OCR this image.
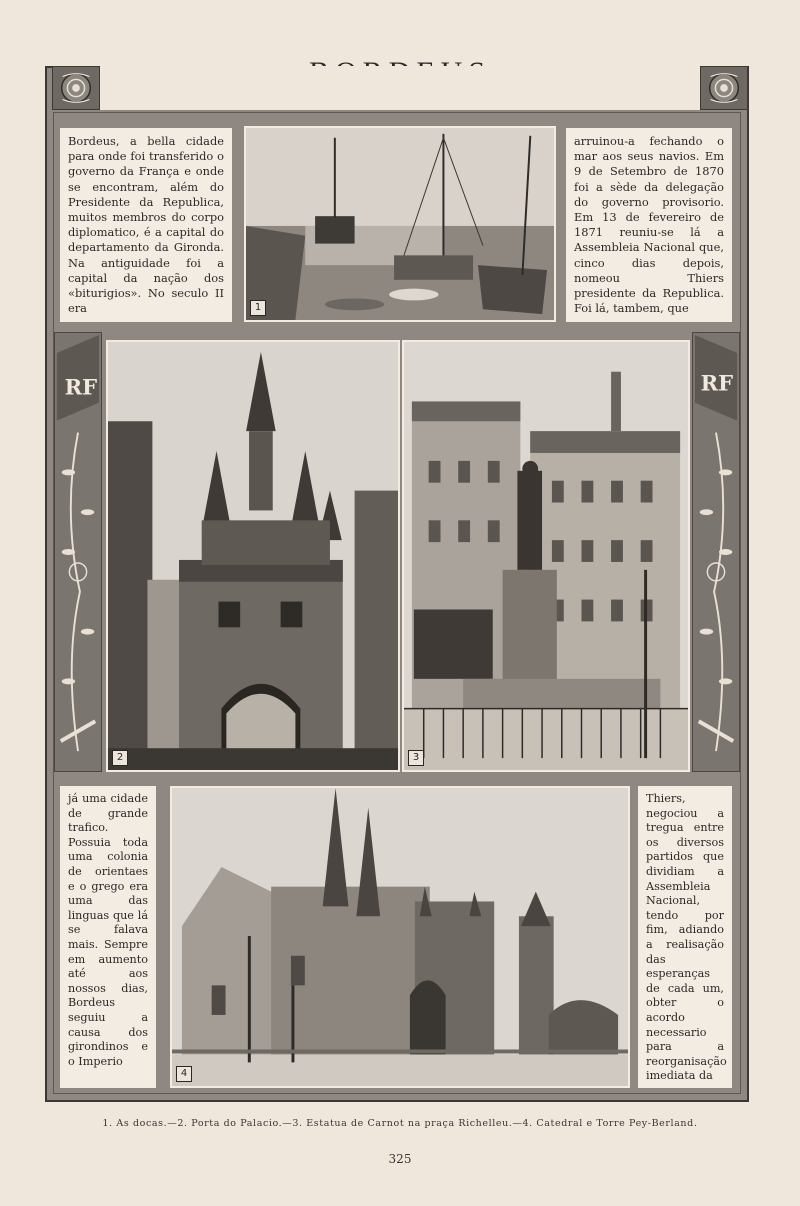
RF	RF

Bordeus, a bella cidade para onde foi transferido o governo da França e onde se encontram, além do Presidente da Republica, muitos membros do corpo diplomatico, é a capital do departamento da Gironda. Na antiguidade foi a capital da nação dos «biturigios». No seculo II era

arruinou-a fechando o mar aos seus navios. Em 9 de Setembro de 1870 foi a sède da delegação do governo provisorio. Em 13 de fevereiro de 1871 reuniu-se lá a Assembleia Nacional que, cinco dias depois, nomeou Thiers presidente da Republica. Foi lá, tambem, que

já uma cidade de grande trafico. Possuia toda uma colonia de orientaes e o grego era uma das linguas que lá se falava mais. Sempre em aumento até aos nossos dias, Bordeus seguiu a causa dos girondinos e o Imperio

Thiers, negociou a tregua entre os diversos partidos que dividiam a Assembleia Nacional, tendo por fim, adiando a realisação das esperanças de cada um, obter o acordo necessario para a reorganisação imediata da

1
2	3
4
1. As docas.—2. Porta do Palacio.—3. Estatua de Carnot na praça Richelleu.—4. Catedral e Torre Pey-Berland.
325
